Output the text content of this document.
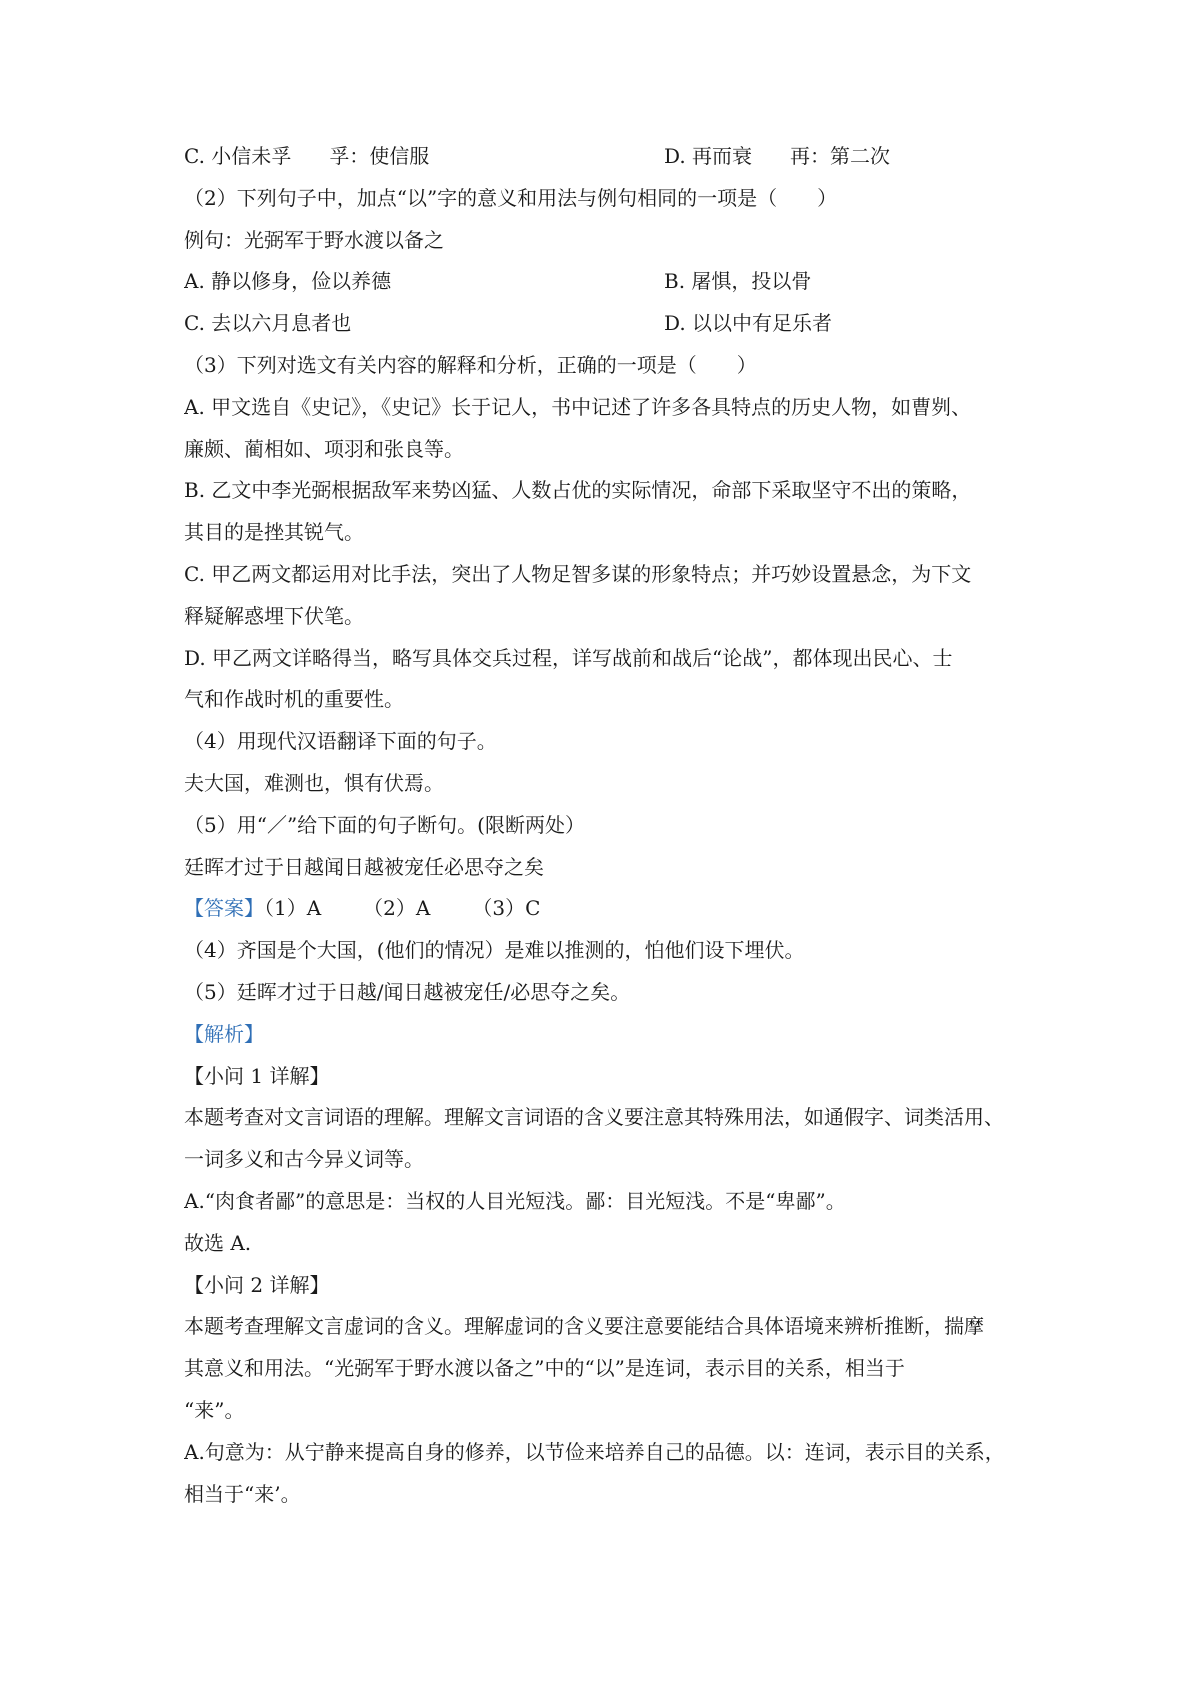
C. 小信未孚 孚：使信服	D. 再而衰 再：第二次
（2）下列句子中，加点“以”字的意义和用法与例句相同的一项是（　　）
例句：光弼军于野水渡以备之
A. 静以修身，俭以养德	B. 屠惧，投以骨
C. 去以六月息者也	D. 以以中有足乐者
（3）下列对选文有关内容的解释和分析，正确的一项是（　　）
A. 甲文选自《史记》，《史记》长于记人，书中记述了许多各具特点的历史人物，如曹刿、
廉颇、蔺相如、项羽和张良等。
B. 乙文中李光弼根据敌军来势凶猛、人数占优的实际情况，命部下采取坚守不出的策略，
其目的是挫其锐气。
C. 甲乙两文都运用对比手法，突出了人物足智多谋的形象特点；并巧妙设置悬念，为下文
释疑解惑埋下伏笔。
D. 甲乙两文详略得当，略写具体交兵过程，详写战前和战后“论战”，都体现出民心、士
气和作战时机的重要性。
（4）用现代汉语翻译下面的句子。
夫大国，难测也，惧有伏焉。
（5）用“／”给下面的句子断句。(限断两处）
廷晖才过于日越闻日越被宠任必思夺之矣
【答案】（1）A （2）A （3）C
（4）齐国是个大国，(他们的情况）是难以推测的，怕他们设下埋伏。
（5）廷晖才过于日越/闻日越被宠任/必思夺之矣。
【解析】
【小问 1 详解】
本题考查对文言词语的理解。理解文言词语的含义要注意其特殊用法，如通假字、词类活用、
一词多义和古今异义词等。
A.“肉食者鄙”的意思是：当权的人目光短浅。鄙：目光短浅。不是“卑鄙”。
故选 A.
【小问 2 详解】
本题考查理解文言虚词的含义。理解虚词的含义要注意要能结合具体语境来辨析推断，揣摩
其意义和用法。“光弼军于野水渡以备之”中的“以”是连词，表示目的关系，相当于
“来”。
A.句意为：从宁静来提高自身的修养，以节俭来培养自己的品德。以：连词，表示目的关系，
相当于“来’。
